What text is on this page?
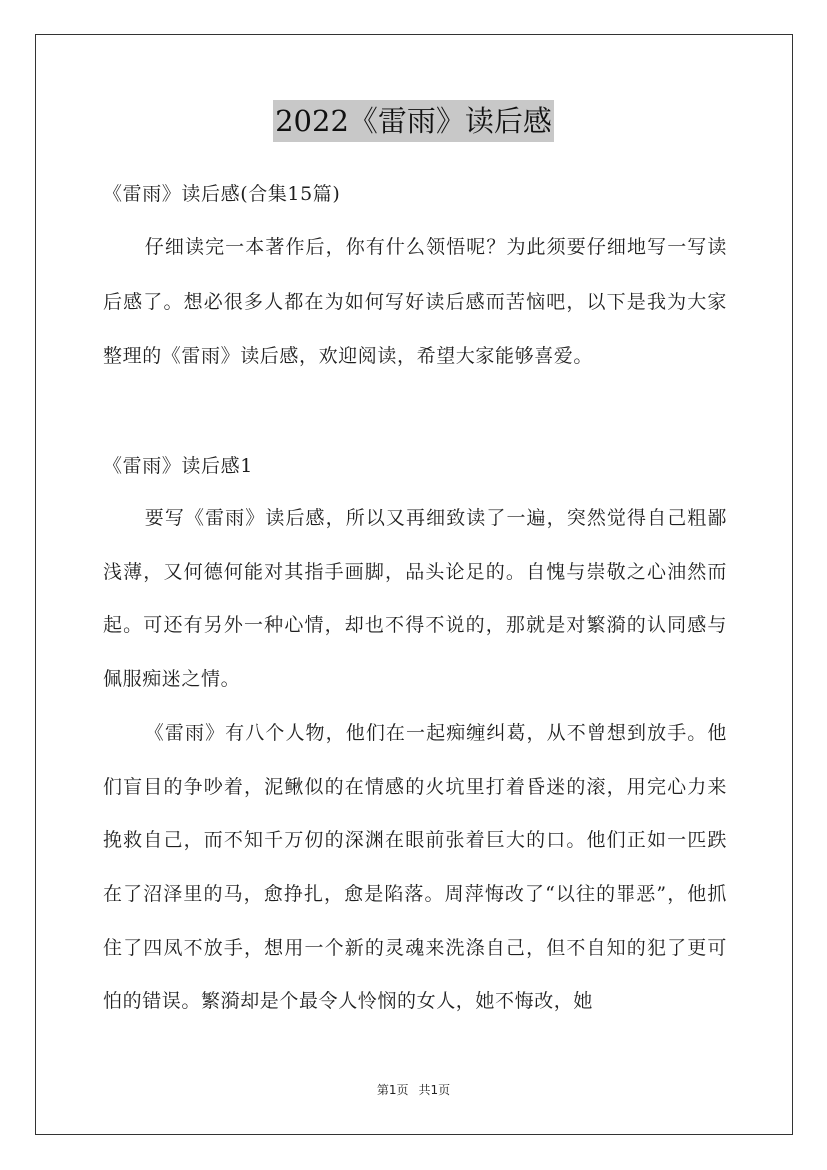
2022《雷雨》读后感
《雷雨》读后感(合集15篇)

仔细读完一本著作后，你有什么领悟呢？为此须要仔细地写一写读后感了。想必很多人都在为如何写好读后感而苦恼吧，以下是我为大家整理的《雷雨》读后感，欢迎阅读，希望大家能够喜爱。

《雷雨》读后感1

要写《雷雨》读后感，所以又再细致读了一遍，突然觉得自己粗鄙浅薄，又何德何能对其指手画脚，品头论足的。自愧与崇敬之心油然而起。可还有另外一种心情，却也不得不说的，那就是对繁漪的认同感与佩服痴迷之情。

《雷雨》有八个人物，他们在一起痴缠纠葛，从不曾想到放手。他们盲目的争吵着，泥鳅似的在情感的火坑里打着昏迷的滚，用完心力来挽救自己，而不知千万仞的深渊在眼前张着巨大的口。他们正如一匹跌在了沼泽里的马，愈挣扎，愈是陷落。周萍悔改了“以往的罪恶”，他抓住了四凤不放手，想用一个新的灵魂来洗涤自己，但不自知的犯了更可怕的错误。繁漪却是个最令人怜悯的女人，她不悔改，她

第1页 共1页
